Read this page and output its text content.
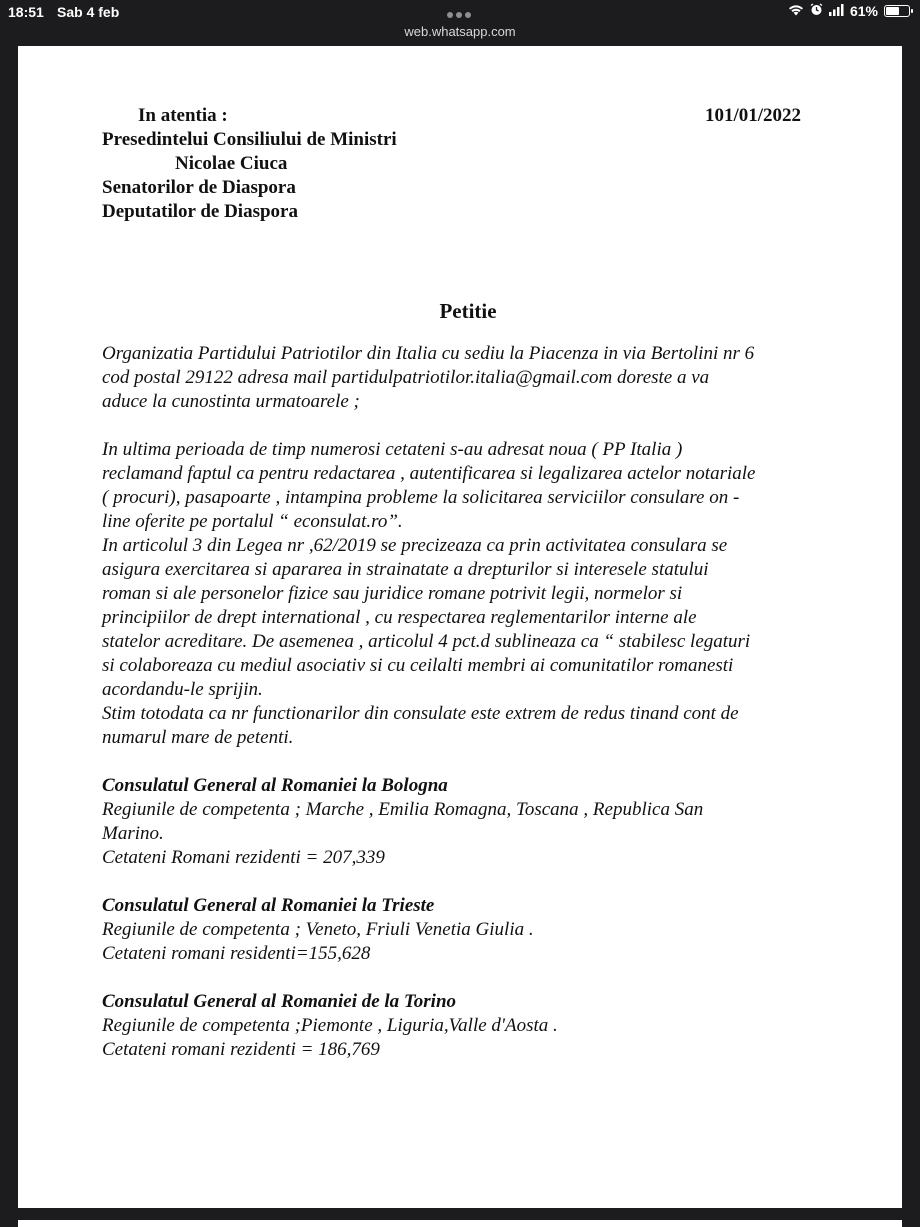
18:51 Sab 4 feb	61%
web.whatsapp.com
101/01/2022
In atentia :
Presedintelui Consiliului de Ministri
Nicolae Ciuca
Senatorilor de Diaspora
Deputatilor de Diaspora
Petitie
Organizatia Partidului Patriotilor din Italia cu sediu la Piacenza in via Bertolini nr 6
cod postal 29122 adresa mail partidulpatriotilor.italia@gmail.com doreste a va
aduce la cunostinta urmatoarele ;
In ultima perioada de timp numerosi cetateni s-au adresat noua ( PP Italia )
reclamand faptul ca pentru redactarea , autentificarea si legalizarea actelor notariale
( procuri), pasapoarte , intampina probleme la solicitarea serviciilor consulare on -
line oferite pe portalul “ econsulat.ro”.
In articolul 3 din Legea nr ,62/2019 se precizeaza ca prin activitatea consulara se
asigura exercitarea si apararea in strainatate a drepturilor si interesele statului
roman si ale personelor fizice sau juridice romane potrivit legii, normelor si
principiilor de drept international , cu respectarea reglementarilor interne ale
statelor acreditare. De asemenea , articolul 4 pct.d sublineaza ca “ stabilesc legaturi
si colaboreaza cu mediul asociativ si cu ceilalti membri ai comunitatilor romanesti
acordandu-le sprijin.
Stim totodata ca nr functionarilor din consulate este extrem de redus tinand cont de
numarul mare de petenti.
Consulatul General al Romaniei la Bologna
Regiunile de competenta ; Marche , Emilia Romagna, Toscana , Republica San
Marino.
Cetateni Romani rezidenti = 207,339
Consulatul General al Romaniei la Trieste
Regiunile de competenta ; Veneto, Friuli Venetia Giulia .
Cetateni romani residenti=155,628
Consulatul General al Romaniei de la Torino
Regiunile de competenta ;Piemonte , Liguria,Valle d'Aosta .
Cetateni romani rezidenti = 186,769
